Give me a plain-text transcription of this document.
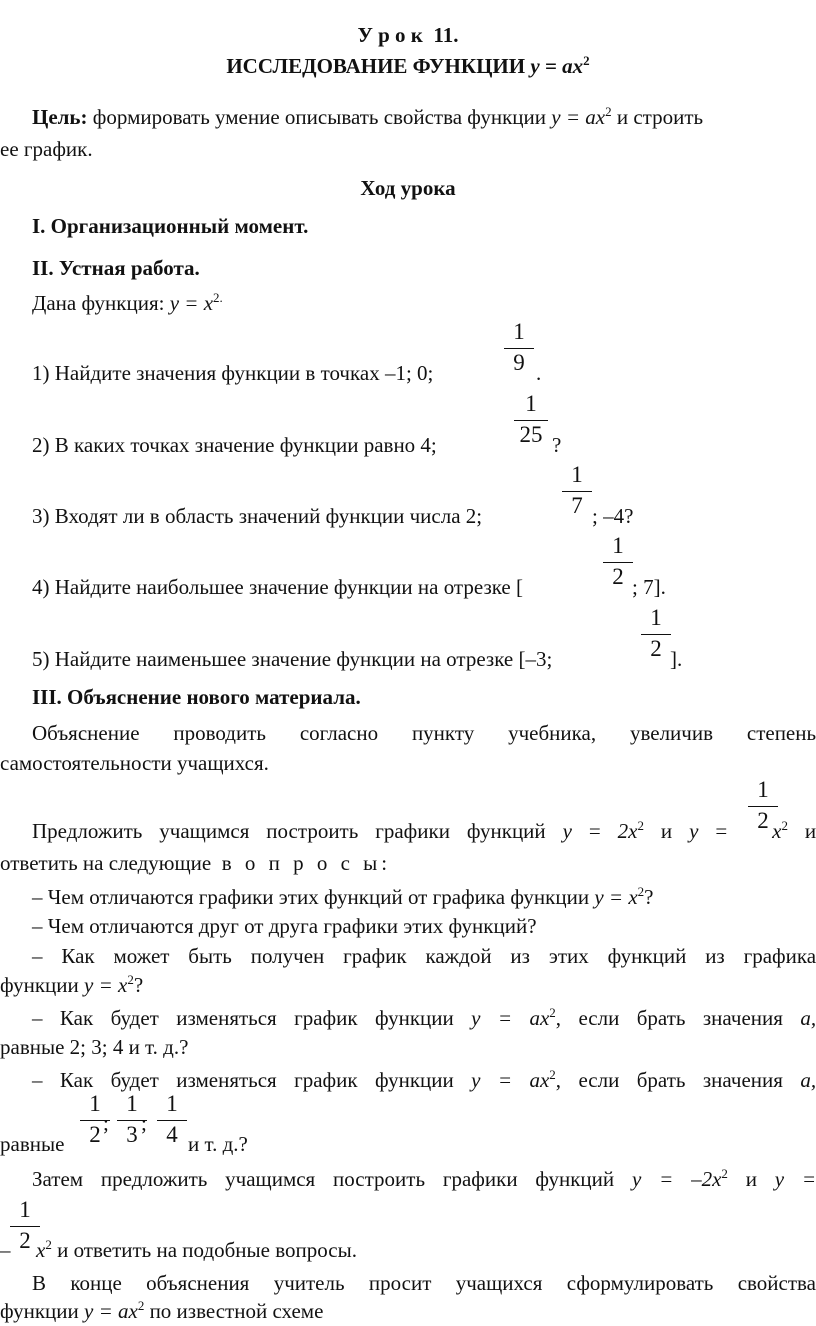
У р о к  11.
ИССЛЕДОВАНИЕ ФУНКЦИИ $y = ax^2$
Цель: формировать умение описывать свойства функции $y = ax^2$ и строить
ее график.
Ход урока
I. Организационный момент.
II. Устная работа.
Дана функция: $y = x^{2.}$
1) Найдите значения функции в точках –1; 0;
1
9 .
2) В каких точках значение функции равно 4;
1
25 ?
3) Входят ли в область значений функции числа 2;
1
7 ; –4?
4) Найдите наибольшее значение функции на отрезке [
1
2 ; 7].
5) Найдите наименьшее значение функции на отрезке [–3;
1
2 ].
III. Объяснение нового материала.
Объяснение проводить согласно пункту учебника, увеличив степень
самостоятельности учащихся.
Предложить учащимся построить графики функций $y = 2x^2$ и $y = x^2$ и
1
2
ответить на следующие в о п р о с ы:
– Чем отличаются графики этих функций от графика функции $y = x^2$?
– Чем отличаются друг от друга графики этих функций?
– Как может быть получен график каждой из этих функций из графика
функции $y = x^2$?
– Как будет изменяться график функции $y = ax^2$, если брать значения a,
равные 2; 3; 4 и т. д.?
– Как будет изменяться график функции $y = ax^2$, если брать значения a,
равные
1
2 ;
1
3 ;
1
4 и т. д.?
Затем предложить учащимся построить графики функций $y = -2x^2$ и y =
–
1
2 $x^2$ и ответить на подобные вопросы.
В конце объяснения учитель просит учащихся сформулировать свойства
функции $y = ax^2$ по известной схеме
